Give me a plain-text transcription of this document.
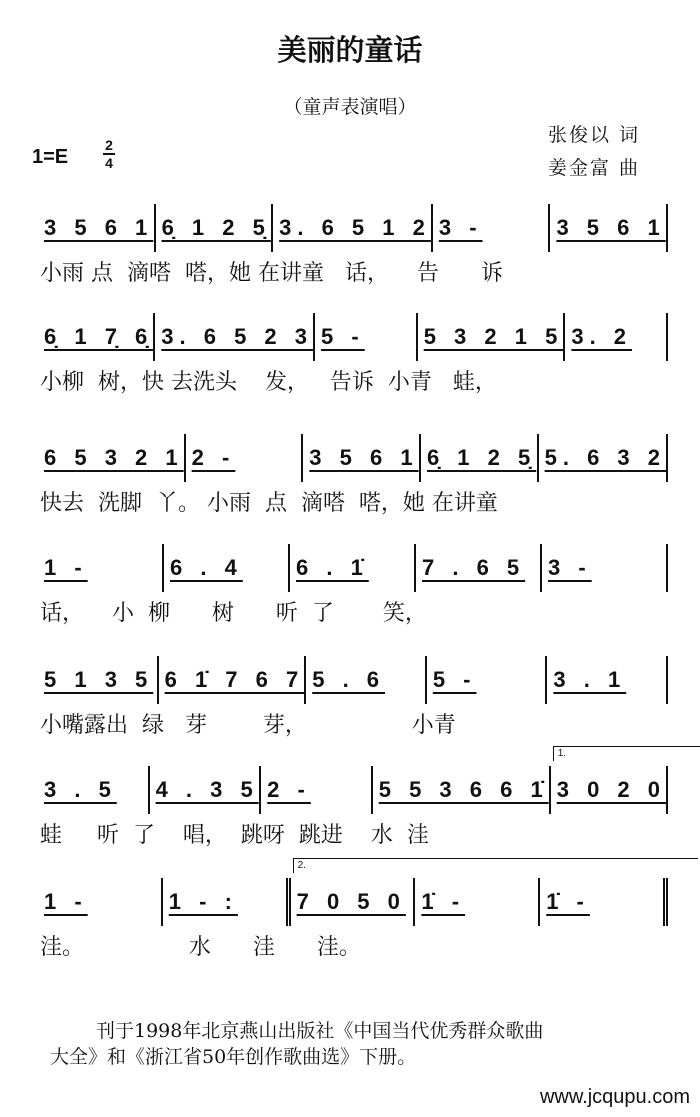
美丽的童话
（童声表演唱）
张俊以 词
姜金富 曲
1=E
2
4
3 5 6 1 6̣ 1 2 5̣ 3. 6 5 1 2 3 -	3 5 6 1
小雨 点  滴嗒  嗒，她 在讲童   话，    告      诉
6̣ 1 7̣ 6̣ 3. 6 5 2 3 5 -	5 3 2 1 5 3. 2
小柳  树，快 去洗头    发，   告诉  小青   蛙，
6 5 3 2 1 2 -	3 5 6 1 6̣ 1 2 5̣ 5. 6 3 2
快去  洗脚  丫。 小雨  点  滴嗒  嗒，她 在讲童
1 -	6 . 4 6 . 1̇ 7 . 6 5 3 -
话，    小  柳      树      听  了       笑，
5 1 3 5 6 1̇ 7 6 7 5 . 6 5 -	3 . 1
小嘴露出  绿   芽        芽，               小青
3 . 5 4 . 3 5 2 -	5 5 3 6 6 1̇ 3 0 2 0
1.
蛙     听  了    唱，  跳呀  跳进    水  洼
1 -	1 - :	7 0 5 0
2.
1̇ -	1̇ -
洼。               水      洼      洼。
刊于1998年北京燕山出版社《中国当代优秀群众歌曲
大全》和《浙江省50年创作歌曲选》下册。
www.jcqupu.com
